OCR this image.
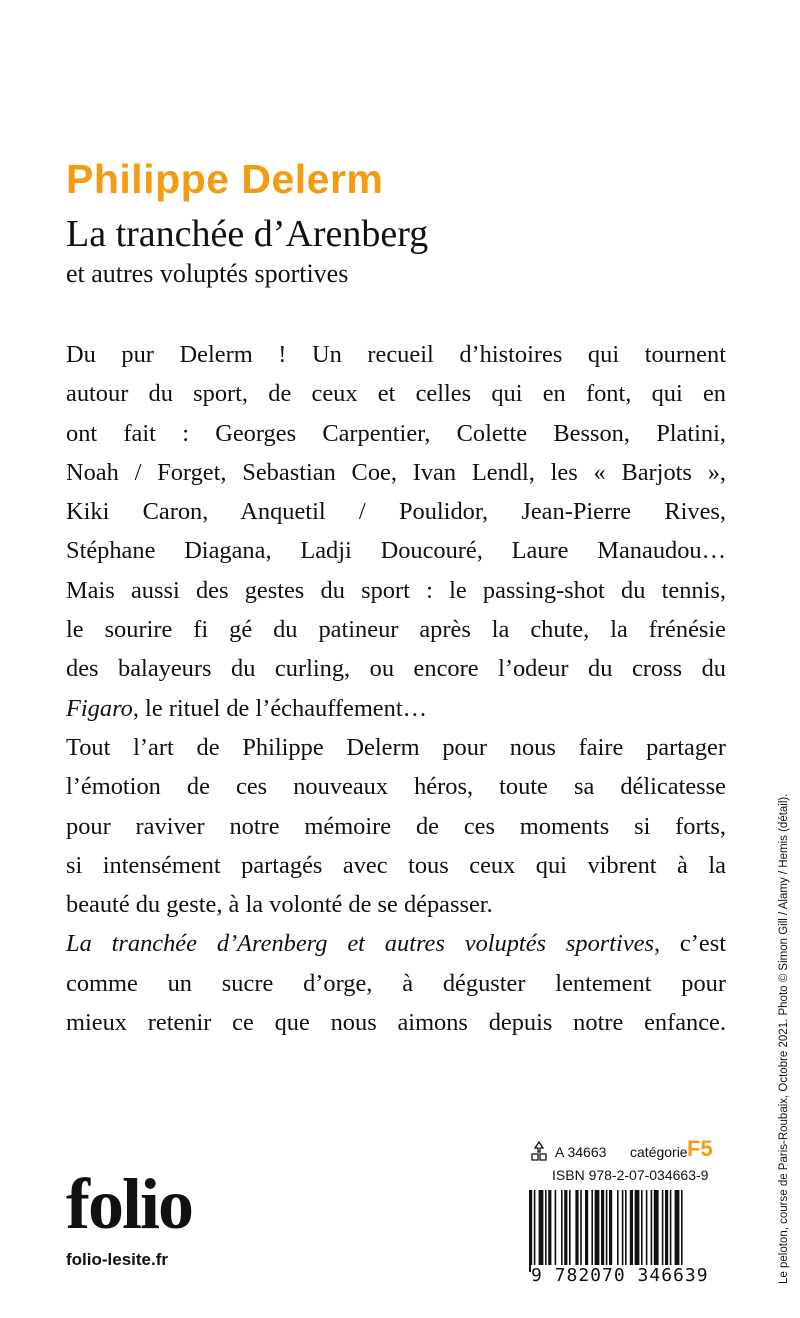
Philippe Delerm
La tranchée d’Arenberg
et autres voluptés sportives
Du pur Delerm ! Un recueil d’histoires qui tournent
autour du sport, de ceux et celles qui en font, qui en
ont fait : Georges Carpentier, Colette Besson, Platini,
Noah / Forget, Sebastian Coe, Ivan Lendl, les « Barjots »,
Kiki Caron, Anquetil / Poulidor, Jean-Pierre Rives,
Stéphane Diagana, Ladji Doucouré, Laure Manaudou…
Mais aussi des gestes du sport : le passing-shot du tennis,
le sourire fi gé du patineur après la chute, la frénésie
des balayeurs du curling, ou encore l’odeur du cross du
Figaro, le rituel de l’échauffement…
Tout l’art de Philippe Delerm pour nous faire partager
l’émotion de ces nouveaux héros, toute sa délicatesse
pour raviver notre mémoire de ces moments si forts,
si intensément partagés avec tous ceux qui vibrent à la
beauté du geste, à la volonté de se dépasser.
La tranchée d’Arenberg et autres voluptés sportives, c’est
comme un sucre d’orge, à déguster lentement pour
mieux retenir ce que nous aimons depuis notre enfance.	Le peloton, course de Paris-Roubaix, Octobre 2021. Photo © Simon Gill / Alamy / Hemis (détail).
folio
folio-lesite.fr
A 34663 catégorie F5
ISBN 978-2-07-034663-9
9 782070 346639
